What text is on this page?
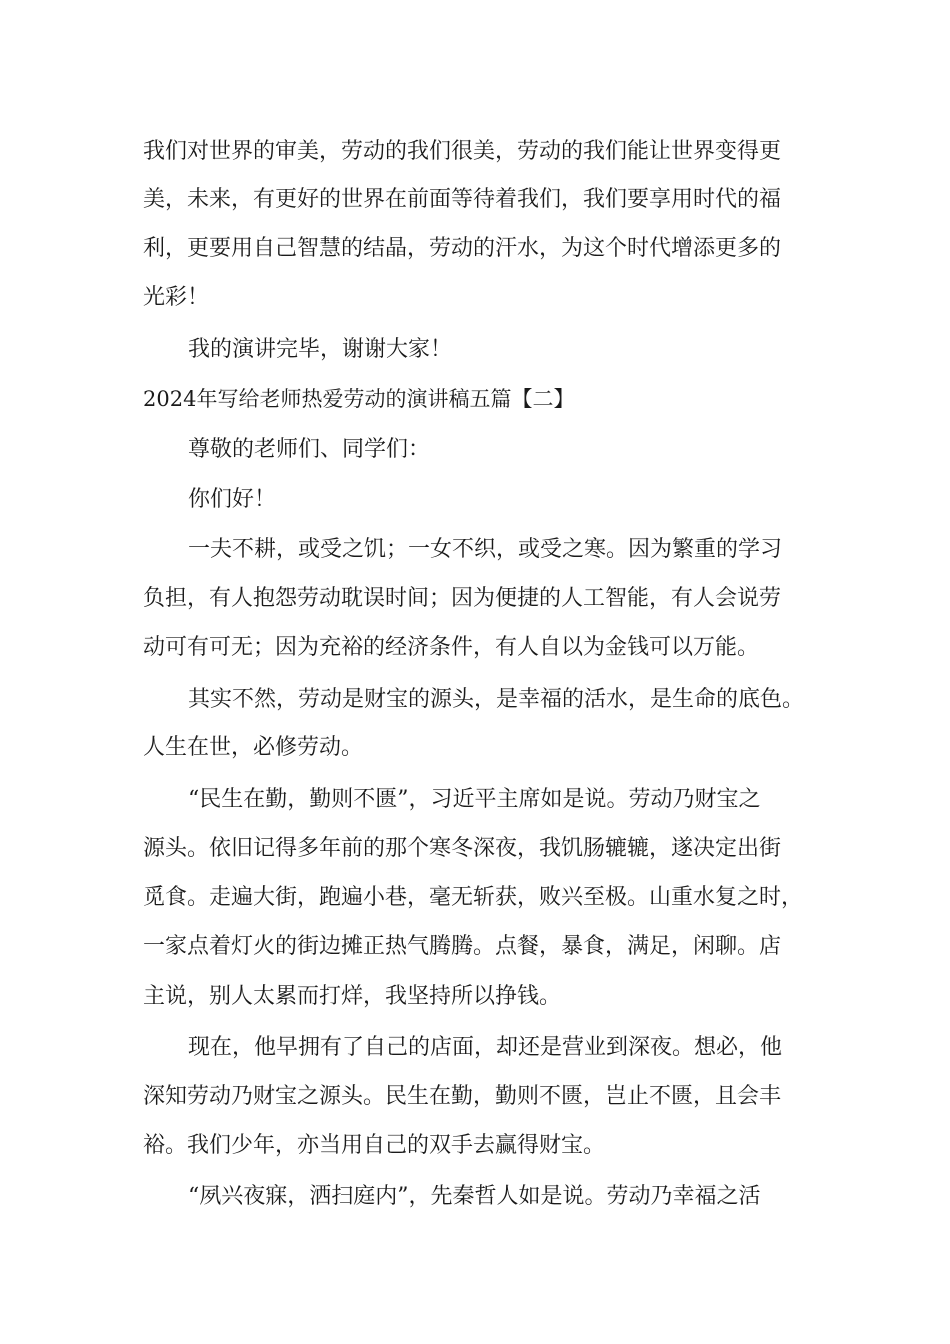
我们对世界的审美，劳动的我们很美，劳动的我们能让世界变得更
美，未来，有更好的世界在前面等待着我们，我们要享用时代的福
利，更要用自己智慧的结晶，劳动的汗水，为这个时代增添更多的
光彩！
我的演讲完毕，谢谢大家！
2024年写给老师热爱劳动的演讲稿五篇【二】
尊敬的老师们、同学们：
你们好！
一夫不耕，或受之饥；一女不织，或受之寒。因为繁重的学习
负担，有人抱怨劳动耽误时间；因为便捷的人工智能，有人会说劳
动可有可无；因为充裕的经济条件，有人自以为金钱可以万能。
其实不然，劳动是财宝的源头，是幸福的活水，是生命的底色。
人生在世，必修劳动。
“民生在勤，勤则不匮”，习近平主席如是说。劳动乃财宝之
源头。依旧记得多年前的那个寒冬深夜，我饥肠辘辘，遂决定出街
觅食。走遍大街，跑遍小巷，毫无斩获，败兴至极。山重水复之时，
一家点着灯火的街边摊正热气腾腾。点餐，暴食，满足，闲聊。店
主说，别人太累而打烊，我坚持所以挣钱。
现在，他早拥有了自己的店面，却还是营业到深夜。想必，他
深知劳动乃财宝之源头。民生在勤，勤则不匮，岂止不匮，且会丰
裕。我们少年，亦当用自己的双手去赢得财宝。
“夙兴夜寐，洒扫庭内”，先秦哲人如是说。劳动乃幸福之活
